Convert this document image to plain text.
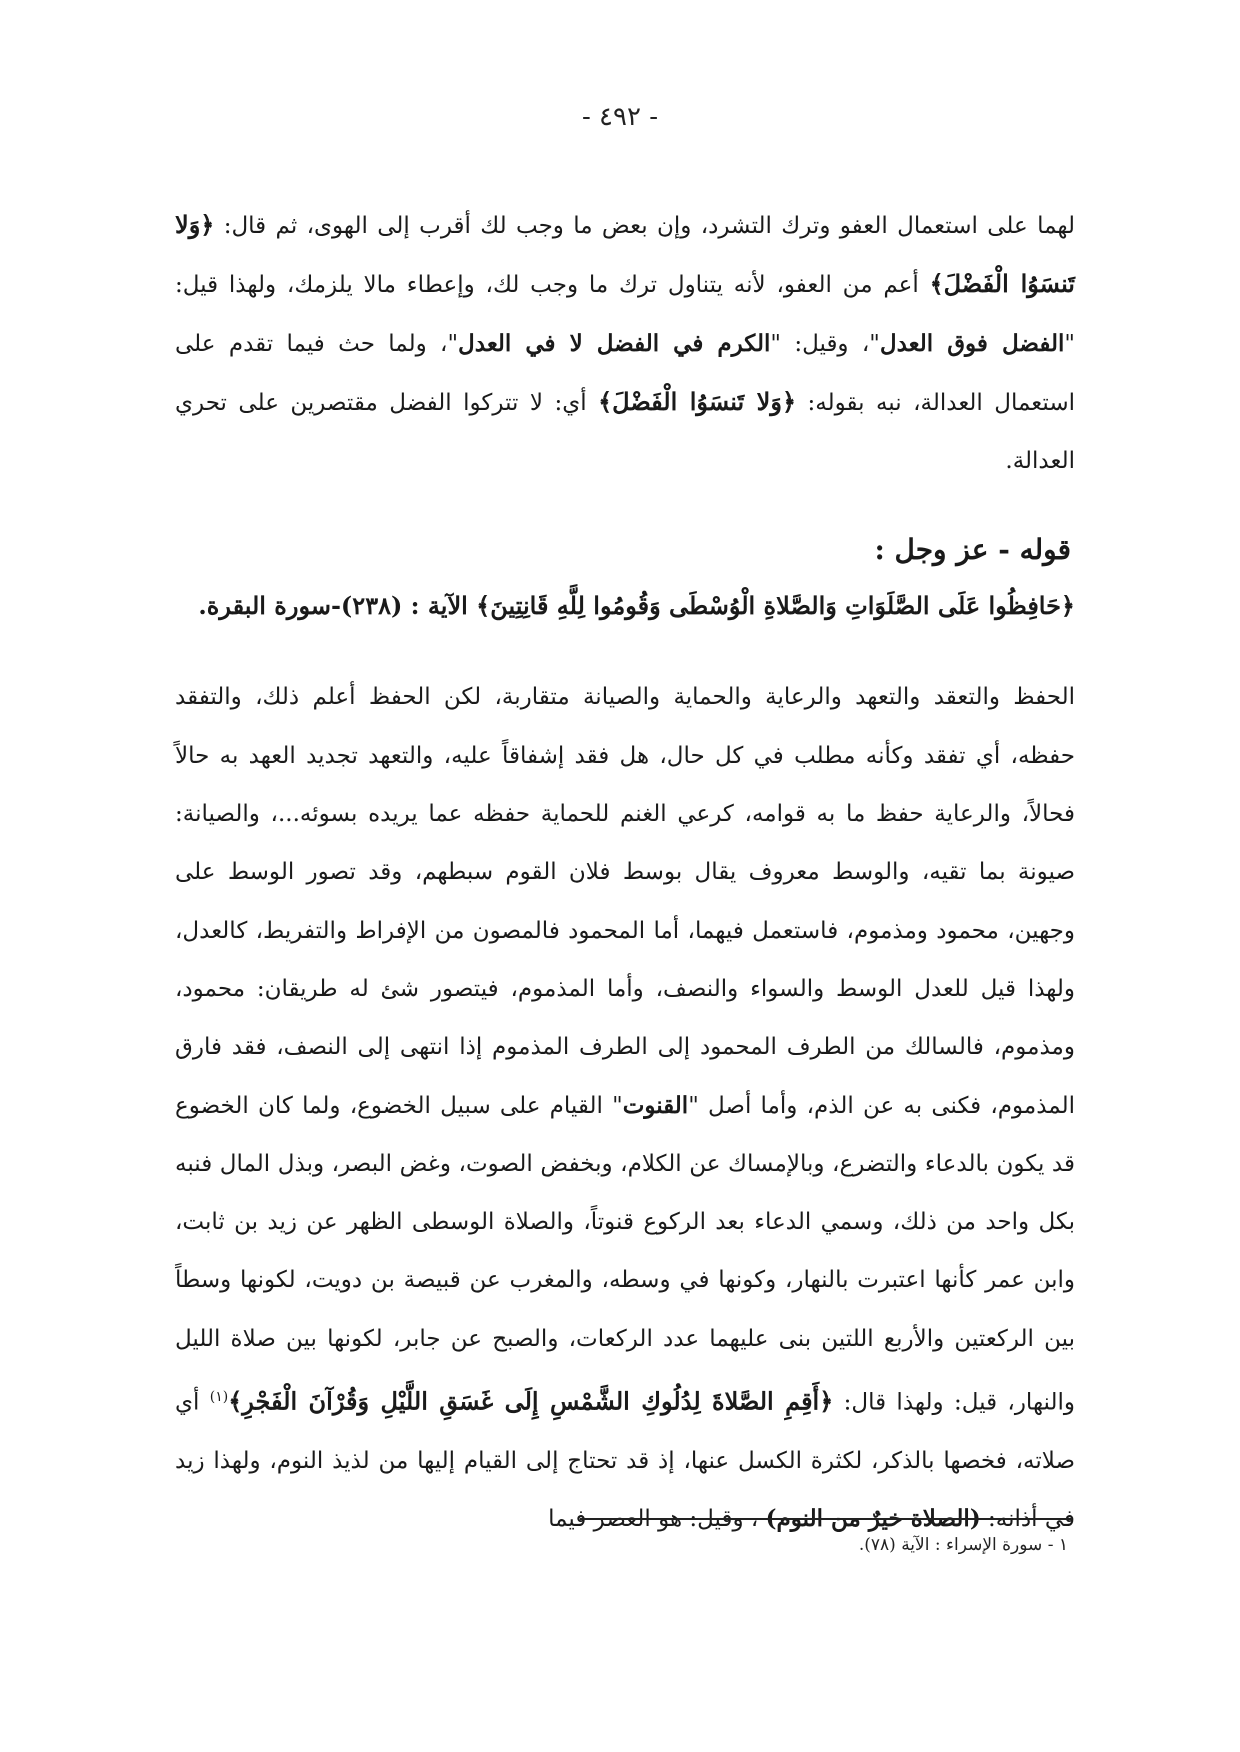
- ٤٩٢ -

لهما على استعمال العفو وترك التشرد، وإن بعض ما وجب لك أقرب إلى الهوى، ثم قال: ﴿وَلا تَنسَوُا الْفَضْلَ﴾ أعم من العفو، لأنه يتناول ترك ما وجب لك، وإعطاء مالا يلزمك، ولهذا قيل: "الفضل فوق العدل"، وقيل: "الكرم في الفضل لا في العدل"، ولما حث فيما تقدم على استعمال العدالة، نبه بقوله: ﴿وَلا تَنسَوُا الْفَضْلَ﴾ أي: لا تتركوا الفضل مقتصرين على تحري العدالة.

قوله - عز وجل :
﴿حَافِظُوا عَلَى الصَّلَوَاتِ وَالصَّلاةِ الْوُسْطَى وَقُومُوا لِلَّهِ قَانِتِينَ﴾ الآية : (٢٣٨)-سورة البقرة.

الحفظ والتعقد والتعهد والرعاية والحماية والصيانة متقاربة، لكن الحفظ أعلم ذلك، والتفقد حفظه، أي تفقد وكأنه مطلب في كل حال، هل فقد إشفاقاً عليه، والتعهد تجديد العهد به حالاً فحالاً، والرعاية حفظ ما به قوامه، كرعي الغنم للحماية حفظه عما يريده بسوئه...، والصيانة: صيونة بما تقيه، والوسط معروف يقال بوسط فلان القوم سبطهم، وقد تصور الوسط على وجهين، محمود ومذموم، فاستعمل فيهما، أما المحمود فالمصون من الإفراط والتفريط، كالعدل، ولهذا قيل للعدل الوسط والسواء والنصف، وأما المذموم، فيتصور شئ له طريقان: محمود، ومذموم، فالسالك من الطرف المحمود إلى الطرف المذموم إذا انتهى إلى النصف، فقد فارق المذموم، فكنى به عن الذم، وأما أصل "القنوت" القيام على سبيل الخضوع، ولما كان الخضوع قد يكون بالدعاء والتضرع، وبالإمساك عن الكلام، وبخفض الصوت، وغض البصر، وبذل المال فنبه بكل واحد من ذلك، وسمي الدعاء بعد الركوع قنوتاً، والصلاة الوسطى الظهر عن زيد بن ثابت، وابن عمر كأنها اعتبرت بالنهار، وكونها في وسطه، والمغرب عن قبيصة بن دويت، لكونها وسطاً بين الركعتين والأربع اللتين بنى عليهما عدد الركعات، والصبح عن جابر، لكونها بين صلاة الليل والنهار، قيل: ولهذا قال: ﴿أَقِمِ الصَّلاةَ لِدُلُوكِ الشَّمْسِ إِلَى غَسَقِ اللَّيْلِ وَقُرْآنَ الْفَجْرِ﴾$^{(١)}$ أي صلاته، فخصها بالذكر، لكثرة الكسل عنها، إذ قد تحتاج إلى القيام إليها من لذيذ النوم، ولهذا زيد في أذانه: (الصلاة خيرٌ من النوم) ، وقيل: هو العصر فيما

١ - سورة الإسراء : الآية (٧٨).
